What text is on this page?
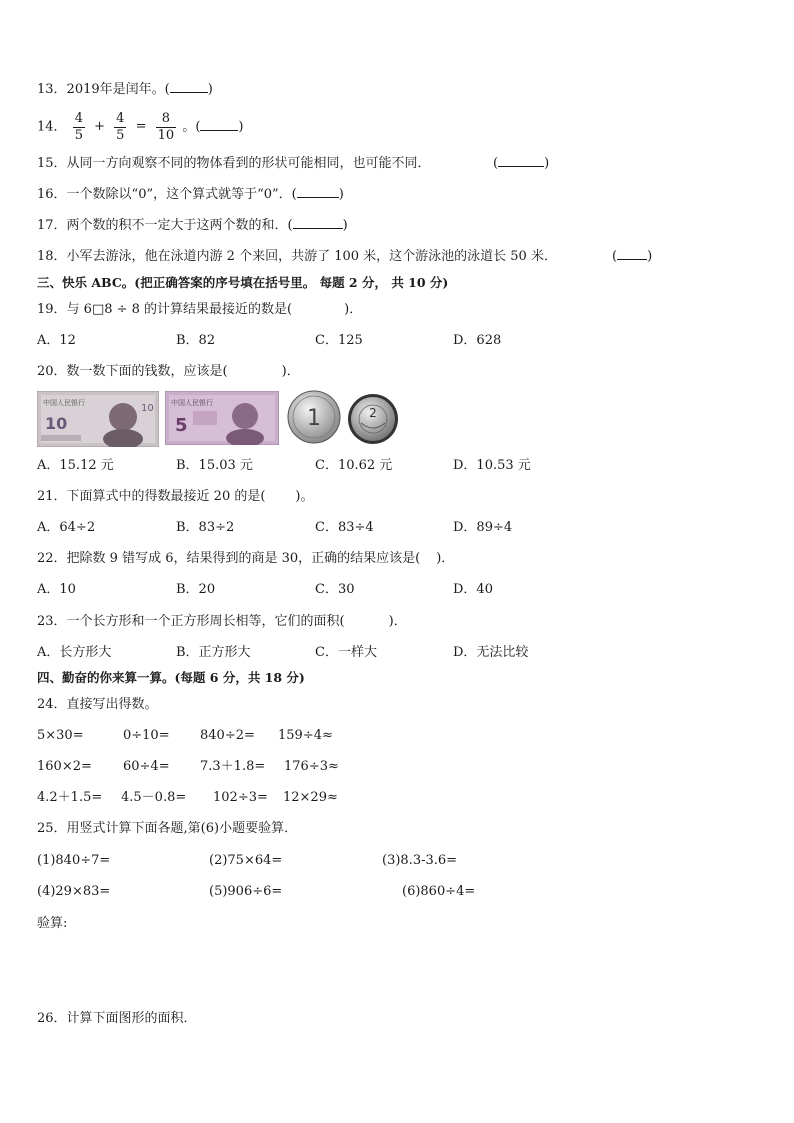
13．2019年是闰年。(	)
14． $\frac{4}{5} + \frac{4}{5} = \frac{8}{10}$ 。(	)
15．从同一方向观察不同的物体看到的形状可能相同，也可能不同．	(	)
16．一个数除以“0”，这个算式就等于“0”．(	)
17．两个数的积不一定大于这两个数的和．(	)
18．小军去游泳，他在泳道内游 2 个来回，共游了 100 米，这个游泳池的泳道长 50 米．	( )
三、快乐 ABC。(把正确答案的序号填在括号里。 每题 2 分， 共 10 分)
19．与 6□8 ÷ 8 的计算结果最接近的数是(	)．
A．12	B．82	C．125	D．628
20．数一数下面的钱数，应该是(	)．
中国人民银行
10
10 中国人民银行
5	1	2
A．15.12 元	B．15.03 元	C．10.62 元	D．10.53 元
21．下面算式中的得数最接近 20 的是( )。
A．64÷2	B．83÷2	C．83÷4	D．89÷4
22．把除数 9 错写成 6，结果得到的商是 30，正确的结果应该是( )．
A．10	B．20	C．30	D．40
23．一个长方形和一个正方形周长相等，它们的面积(	)．
A．长方形大	B．正方形大	C．一样大	D．无法比较
四、勤奋的你来算一算。(每题 6 分，共 18 分)
24．直接写出得数。
5×30=	0÷10= 840÷2= 159÷4≈
160×2= 60÷4= 7.3＋1.8= 176÷3≈
4.2＋1.5= 4.5－0.8= 102÷3= 12×29≈
25．用竖式计算下面各题,第(6)小题要验算．
(1)840÷7=	(2)75×64=	(3)8.3-3.6=
(4)29×83=	(5)906÷6=	(6)860÷4=
验算:
26．计算下面图形的面积．
